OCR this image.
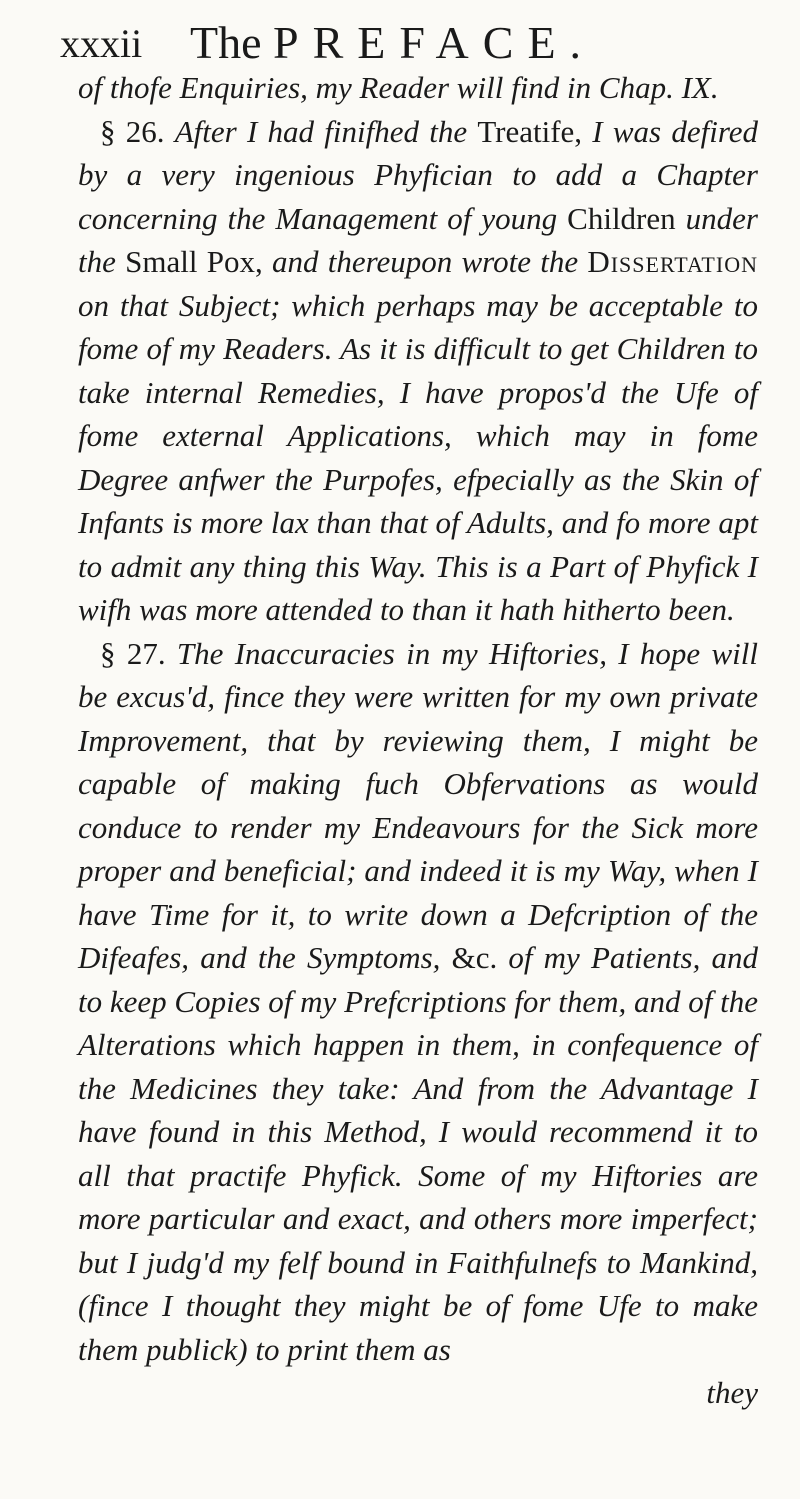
xxxii The PREFACE.

of thofe Enquiries, my Reader will find in Chap. IX.

§ 26. After I had finifhed the Treatife, I was defired by a very ingenious Phyfician to add a Chapter concerning the Management of young Children under the Small Pox, and thereupon wrote the Dissertation on that Subject; which perhaps may be acceptable to fome of my Readers. As it is difficult to get Children to take internal Remedies, I have propos'd the Ufe of fome external Applications, which may in fome Degree anfwer the Purpofes, efpecially as the Skin of Infants is more lax than that of Adults, and fo more apt to admit any thing this Way. This is a Part of Phyfick I wifh was more attended to than it hath hitherto been.

§ 27. The Inaccuracies in my Hiftories, I hope will be excus'd, fince they were written for my own private Improvement, that by reviewing them, I might be capable of making fuch Obfervations as would conduce to render my Endeavours for the Sick more proper and beneficial; and indeed it is my Way, when I have Time for it, to write down a Defcription of the Difeafes, and the Symptoms, &c. of my Patients, and to keep Copies of my Prefcriptions for them, and of the Alterations which happen in them, in confequence of the Medicines they take: And from the Advantage I have found in this Method, I would recommend it to all that practife Phyfick. Some of my Hiftories are more particular and exact, and others more imperfect; but I judg'd my felf bound in Faithfulnefs to Mankind, (fince I thought they might be of fome Ufe to make them publick) to print them as

they
